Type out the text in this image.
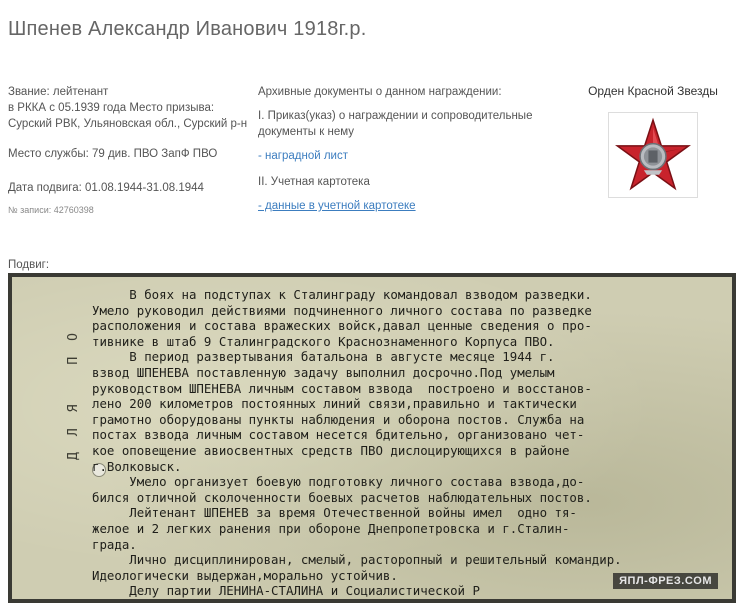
Шпенев Александр Иванович 1918г.р.
Звание: лейтенант
в РККА с 05.1939 года Место призыва: Сурский РВК, Ульяновская обл., Сурский р-н
Место службы: 79 див. ПВО ЗапФ ПВО
Дата подвига: 01.08.1944-31.08.1944
№ записи: 42760398
Архивные документы о данном награждении:
I. Приказ(указ) о награждении и сопроводительные документы к нему
- наградной лист
II. Учетная картотека
- данные в учетной картотеке
Орден Красной Звезды
Подвиг:
ДЛЯ ПО
В боях на подступах к Сталинграду командовал взводом разведки.
Умело руководил действиями подчиненного личного состава по разведке
расположения и состава вражеских войск,давал ценные сведения о про-
тивнике в штаб 9 Сталинградского Краснознаменного Корпуса ПВО.
В период развертывания батальона в августе месяце 1944 г.
взвод ШПЕНЕВА поставленную задачу выполнил досрочно.Под умелым
руководством ШПЕНЕВА личным составом взвода  построено и восстанов-
лено 200 километров постоянных линий связи,правильно и тактически
грамотно оборудованы пункты наблюдения и оборона постов. Служба на
постах взвода личным составом несется бдительно, организовано чет-
кое оповещение авиосвентных средств ПВО дислоцирующихся в районе
г.Волковыск.
Умело организует боевую подготовку личного состава взвода,до-
бился отличной сколоченности боевых расчетов наблюдательных постов.
Лейтенант ШПЕНЕВ за время Отечественной войны имел  одно тя-
желое и 2 легких ранения при обороне Днепропетровска и г.Сталин-
града.
Лично дисциплинирован, смелый, расторопный и решительный командир.
Идеологически выдержан,морально устойчив.
Делу партии ЛЕНИНА-СТАЛИНА и Социалистической Р
ЯПЛ-ФРЕЗ.COM
